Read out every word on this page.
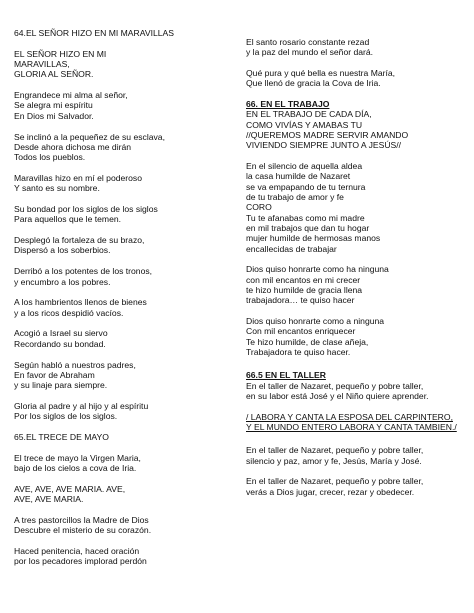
64.EL SEÑOR HIZO EN MI MARAVILLAS
EL SEÑOR HIZO EN MI
MARAVILLAS,
GLORIA AL SEÑOR.
Engrandece mi alma al señor,
Se alegra mi espíritu
En Dios mi Salvador.
Se inclinó a la pequeñez de su esclava,
Desde ahora dichosa me dirán
Todos los pueblos.
Maravillas hizo en mí el poderoso
Y santo es su nombre.
Su bondad por los siglos de los siglos
Para aquellos que le temen.
Desplegó la fortaleza de su brazo,
Dispersó a los soberbios.
Derribó a los potentes de los tronos,
y encumbro a los pobres.
A los hambrientos llenos de bienes
y a los ricos despidió vacíos.
Acogió a Israel su siervo
Recordando su bondad.
Según habló a nuestros padres,
En favor de Abraham
y su linaje para siempre.
Gloria al padre y al hijo y al espíritu
Por los siglos de los siglos.
65.EL TRECE DE MAYO
El trece de mayo la Virgen Maria,
bajo de los cielos a cova de Iria.
AVE, AVE, AVE MARIA. AVE,
AVE, AVE MARIA.
A tres pastorcillos la Madre de Dios
Descubre el misterio de su corazón.
Haced penitencia, haced oración
por los pecadores implorad perdón
El santo rosario constante rezad
y la paz del mundo el señor dará.
Qué pura y qué bella es nuestra María,
Que llenó de gracia la Cova de Iria.
66. EN EL TRABAJO
EN EL TRABAJO DE CADA DÍA,
COMO VIVÍAS Y AMABAS TU
//QUEREMOS MADRE SERVIR AMANDO
VIVIENDO SIEMPRE JUNTO A JESÚS//
En el silencio de aquella aldea
la casa humilde de Nazaret
se va empapando de tu ternura
de tu trabajo de amor y fe
CORO
Tu te afanabas como mi madre
en mil trabajos que dan tu hogar
mujer humilde de hermosas manos
encallecidas de trabajar
Dios quiso honrarte como ha ninguna
con mil encantos en mi crecer
te hizo humilde de gracia llena
trabajadora… te quiso hacer
Dios quiso honrarte como a ninguna
Con mil encantos enriquecer
Te hizo humilde, de clase añeja,
Trabajadora te quiso hacer.
66.5 EN EL TALLER
En el taller de Nazaret, pequeño y pobre taller,
en su labor está José y el Niño quiere aprender.
/ LABORA Y CANTA LA ESPOSA DEL CARPINTERO,
Y EL MUNDO ENTERO LABORA Y CANTA TAMBIEN./
En el taller de Nazaret, pequeño y pobre taller,
silencio y paz, amor y fe, Jesús, María y José.
En el taller de Nazaret, pequeño y pobre taller,
verás a Dios jugar, crecer, rezar y obedecer.
